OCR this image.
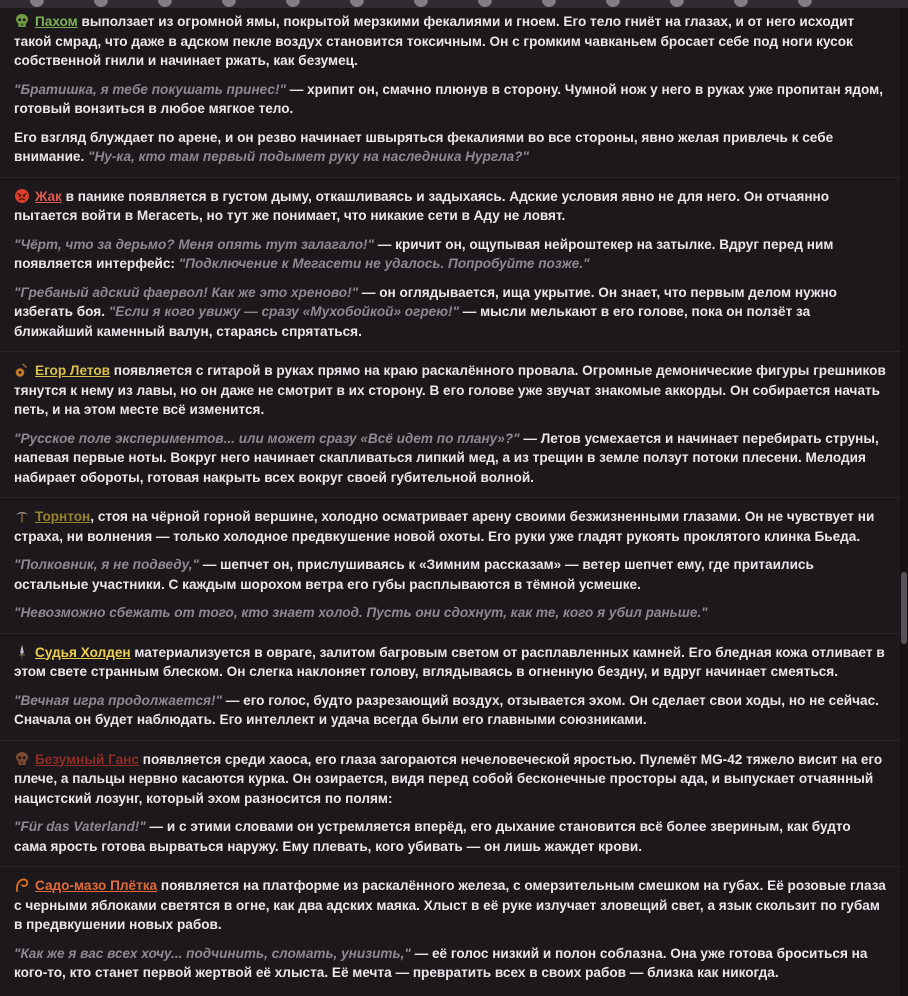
Пахом выползает из огромной ямы, покрытой мерзкими фекалиями и гноем. Его тело гниёт на глазах, и от него исходит такой смрад, что даже в адском пекле воздух становится токсичным. Он с громким чавканьем бросает себе под ноги кусок собственной гнили и начинает ржать, как безумец.

"Братишка, я тебе покушать принес!" — хрипит он, смачно плюнув в сторону. Чумной нож у него в руках уже пропитан ядом, готовый вонзиться в любое мягкое тело.

Его взгляд блуждает по арене, и он резво начинает швыряться фекалиями во все стороны, явно желая привлечь к себе внимание. "Ну-ка, кто там первый подымет руку на наследника Нургла?"

Жак в панике появляется в густом дыму, откашливаясь и задыхаясь. Адские условия явно не для него. Он отчаянно пытается войти в Мегасеть, но тут же понимает, что никакие сети в Аду не ловят.

"Чёрт, что за дерьмо? Меня опять тут залагало!" — кричит он, ощупывая нейроштекер на затылке. Вдруг перед ним появляется интерфейс: "Подключение к Мегасети не удалось. Попробуйте позже."

"Гребаный адский фаервол! Как же это хреново!" — он оглядывается, ища укрытие. Он знает, что первым делом нужно избегать боя. "Если я кого увижу — сразу «Мухобойкой» огрею!" — мысли мелькают в его голове, пока он ползёт за ближайший каменный валун, стараясь спрятаться.

Егор Летов появляется с гитарой в руках прямо на краю раскалённого провала. Огромные демонические фигуры грешников тянутся к нему из лавы, но он даже не смотрит в их сторону. В его голове уже звучат знакомые аккорды. Он собирается начать петь, и на этом месте всё изменится.

"Русское поле экспериментов... или может сразу «Всё идет по плану»?" — Летов усмехается и начинает перебирать струны, напевая первые ноты. Вокруг него начинает скапливаться липкий мед, а из трещин в земле ползут потоки плесени. Мелодия набирает обороты, готовая накрыть всех вокруг своей губительной волной.

Торнтон, стоя на чёрной горной вершине, холодно осматривает арену своими безжизненными глазами. Он не чувствует ни страха, ни волнения — только холодное предвкушение новой охоты. Его руки уже гладят рукоять проклятого клинка Бьеда.

"Полковник, я не подведу," — шепчет он, прислушиваясь к «Зимним рассказам» — ветер шепчет ему, где притаились остальные участники. С каждым шорохом ветра его губы расплываются в тёмной усмешке.

"Невозможно сбежать от того, кто знает холод. Пусть они сдохнут, как те, кого я убил раньше."

Судья Холден материализуется в овраге, залитом багровым светом от расплавленных камней. Его бледная кожа отливает в этом свете странным блеском. Он слегка наклоняет голову, вглядываясь в огненную бездну, и вдруг начинает смеяться.

"Вечная игра продолжается!" — его голос, будто разрезающий воздух, отзывается эхом. Он сделает свои ходы, но не сейчас. Сначала он будет наблюдать. Его интеллект и удача всегда были его главными союзниками.

Безумный Ганс появляется среди хаоса, его глаза загораются нечеловеческой яростью. Пулемёт MG-42 тяжело висит на его плече, а пальцы нервно касаются курка. Он озирается, видя перед собой бесконечные просторы ада, и выпускает отчаянный нацистский лозунг, который эхом разносится по полям:

"Für das Vaterland!" — и с этими словами он устремляется вперёд, его дыхание становится всё более звериным, как будто сама ярость готова вырваться наружу. Ему плевать, кого убивать — он лишь жаждет крови.

Садо-мазо Плётка появляется на платформе из раскалённого железа, с омерзительным смешком на губах. Её розовые глаза с черными яблоками светятся в огне, как два адских маяка. Хлыст в её руке излучает зловещий свет, а язык скользит по губам в предвкушении новых рабов.

"Как же я вас всех хочу... подчинить, сломать, унизить," — её голос низкий и полон соблазна. Она уже готова броситься на кого-то, кто станет первой жертвой её хлыста. Её мечта — превратить всех в своих рабов — близка как никогда.
